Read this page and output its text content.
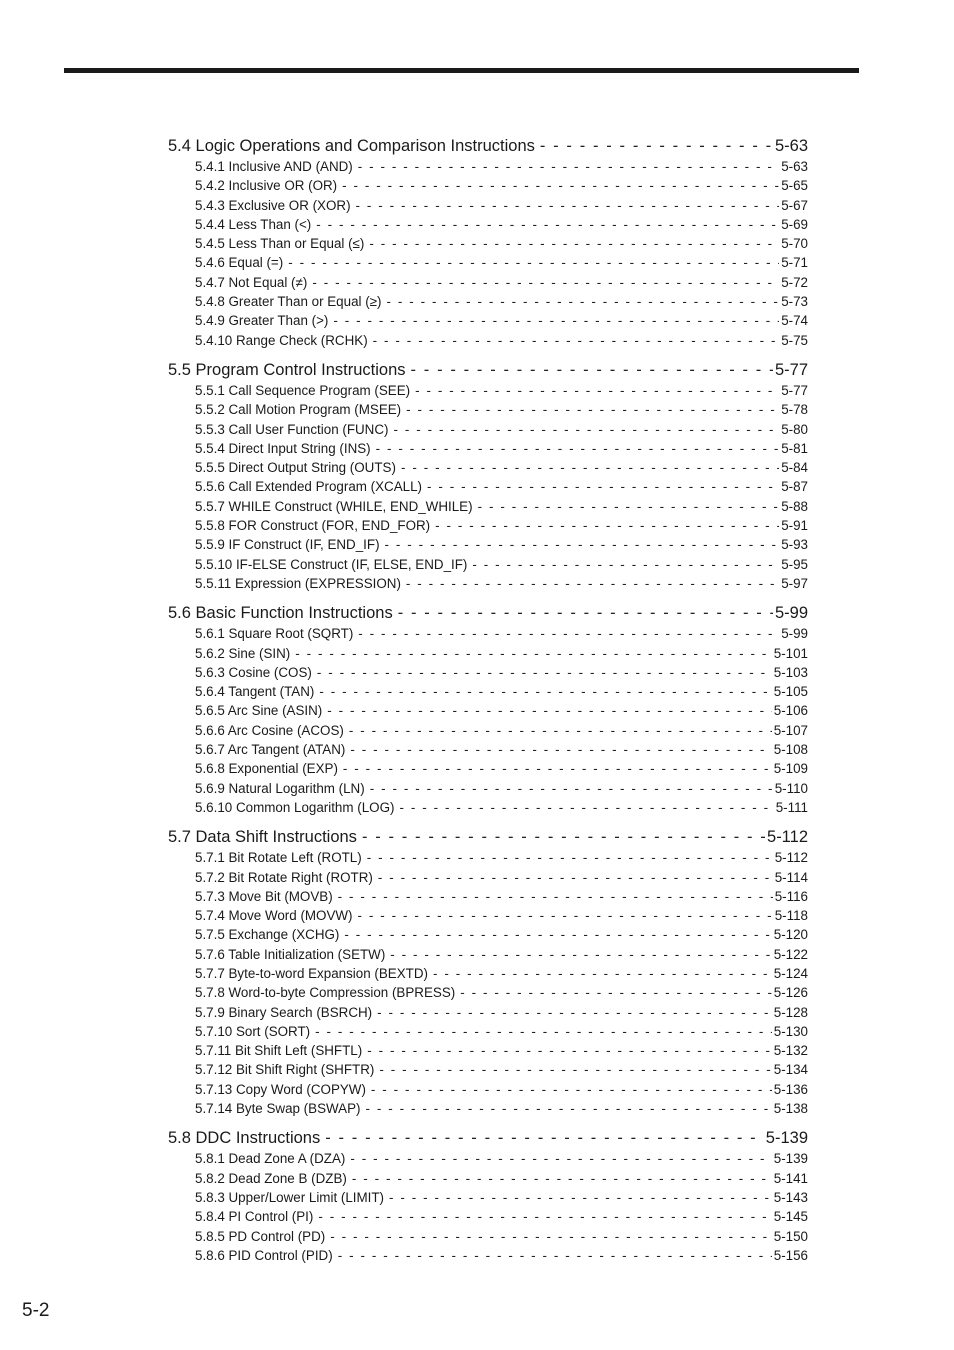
5.4 Logic Operations and Comparison Instructions - - -	5-63
5.4.1 Inclusive AND (AND) - - -	5-63
5.4.2 Inclusive OR (OR) - - -	5-65
5.4.3 Exclusive OR (XOR) - - -	5-67
5.4.4 Less Than (<) - - -	5-69
5.4.5 Less Than or Equal (≤) - - -	5-70
5.4.6 Equal (=) - - -	5-71
5.4.7 Not Equal (≠) - - -	5-72
5.4.8 Greater Than or Equal (≥) - - -	5-73
5.4.9 Greater Than (>) - - -	5-74
5.4.10 Range Check (RCHK) - - -	5-75
5.5 Program Control Instructions - - -	5-77
5.5.1 Call Sequence Program (SEE) - - -	5-77
5.5.2 Call Motion Program (MSEE) - - -	5-78
5.5.3 Call User Function (FUNC) - - -	5-80
5.5.4 Direct Input String (INS) - - -	5-81
5.5.5 Direct Output String (OUTS) - - -	5-84
5.5.6 Call Extended Program (XCALL) - - -	5-87
5.5.7 WHILE Construct (WHILE, END_WHILE) - - -	5-88
5.5.8 FOR Construct (FOR, END_FOR) - - -	5-91
5.5.9 IF Construct (IF, END_IF) - - -	5-93
5.5.10 IF-ELSE Construct (IF, ELSE, END_IF) - - -	5-95
5.5.11 Expression (EXPRESSION) - - -	5-97
5.6 Basic Function Instructions - - -	5-99
5.6.1 Square Root (SQRT) - - -	5-99
5.6.2 Sine (SIN) - - -	5-101
5.6.3 Cosine (COS) - - -	5-103
5.6.4 Tangent (TAN) - - -	5-105
5.6.5 Arc Sine (ASIN) - - -	5-106
5.6.6 Arc Cosine (ACOS) - - -	5-107
5.6.7 Arc Tangent (ATAN) - - -	5-108
5.6.8 Exponential (EXP) - - -	5-109
5.6.9 Natural Logarithm (LN) - - -	5-110
5.6.10 Common Logarithm (LOG) - - -	5-111
5.7 Data Shift Instructions - - -	5-112
5.7.1 Bit Rotate Left (ROTL) - - -	5-112
5.7.2 Bit Rotate Right (ROTR) - - -	5-114
5.7.3 Move Bit (MOVB) - - -	5-116
5.7.4 Move Word (MOVW) - - -	5-118
5.7.5 Exchange (XCHG) - - -	5-120
5.7.6 Table Initialization (SETW) - - -	5-122
5.7.7 Byte-to-word Expansion (BEXTD) - - -	5-124
5.7.8 Word-to-byte Compression (BPRESS) - - -	5-126
5.7.9 Binary Search (BSRCH) - - -	5-128
5.7.10 Sort (SORT) - - -	5-130
5.7.11 Bit Shift Left (SHFTL) - - -	5-132
5.7.12 Bit Shift Right (SHFTR) - - -	5-134
5.7.13 Copy Word (COPYW) - - -	5-136
5.7.14 Byte Swap (BSWAP) - - -	5-138
5.8 DDC Instructions - - -	5-139
5.8.1 Dead Zone A (DZA) - - -	5-139
5.8.2 Dead Zone B (DZB) - - -	5-141
5.8.3 Upper/Lower Limit (LIMIT) - - -	5-143
5.8.4 PI Control (PI) - - -	5-145
5.8.5 PD Control (PD) - - -	5-150
5.8.6 PID Control (PID) - - -	5-156
5-2
